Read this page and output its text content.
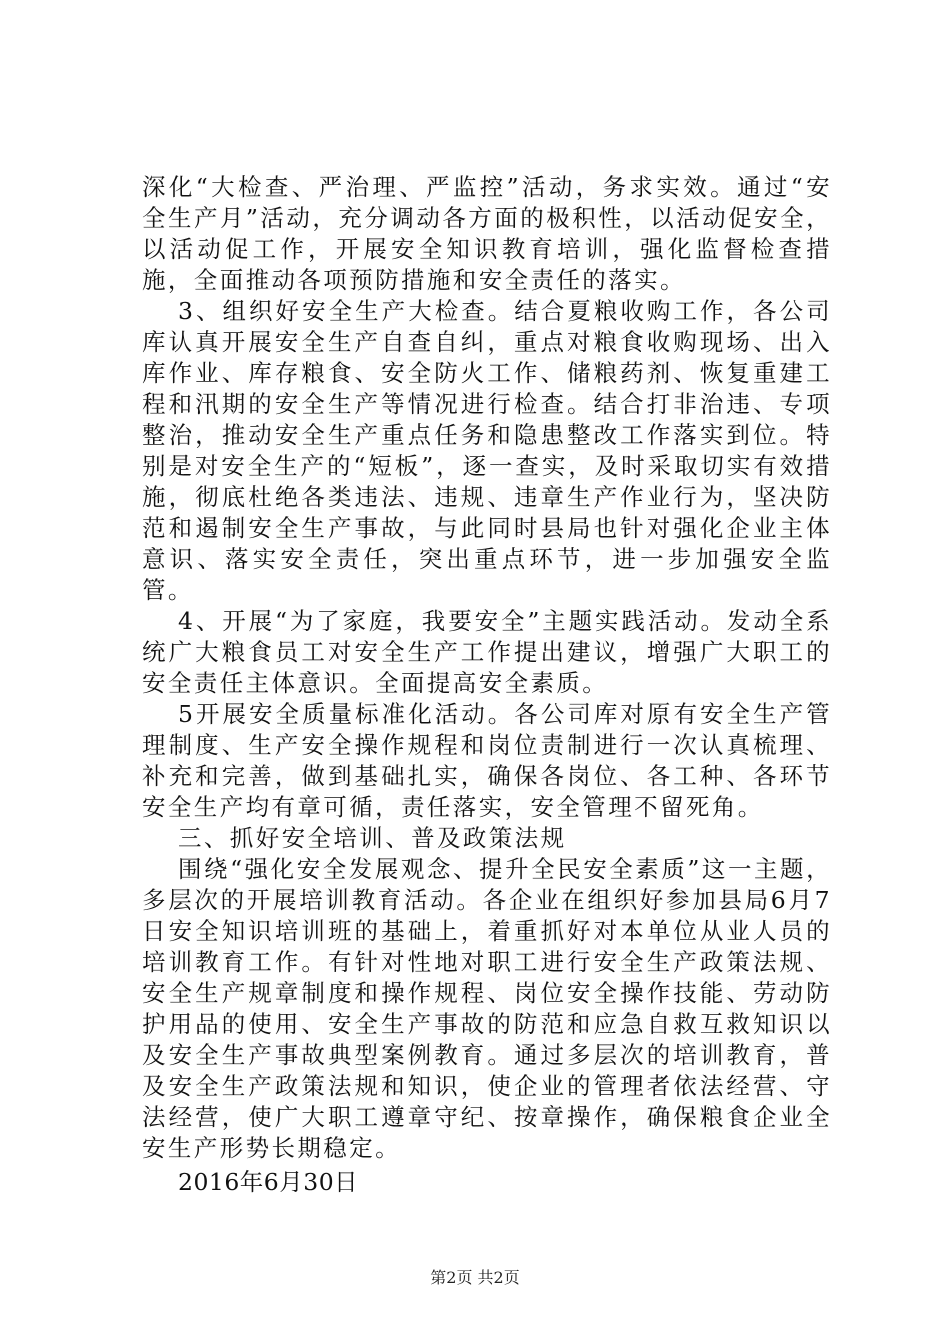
深化“大检查、严治理、严监控”活动，务求实效。通过“安全生产月”活动，充分调动各方面的极积性，以活动促安全，以活动促工作，开展安全知识教育培训，强化监督检查措施，全面推动各项预防措施和安全责任的落实。

3、组织好安全生产大检查。结合夏粮收购工作，各公司库认真开展安全生产自查自纠，重点对粮食收购现场、出入库作业、库存粮食、安全防火工作、储粮药剂、恢复重建工程和汛期的安全生产等情况进行检查。结合打非治违、专项整治，推动安全生产重点任务和隐患整改工作落实到位。特别是对安全生产的“短板”，逐一查实，及时采取切实有效措施，彻底杜绝各类违法、违规、违章生产作业行为，坚决防范和遏制安全生产事故，与此同时县局也针对强化企业主体意识、落实安全责任，突出重点环节，进一步加强安全监管。

4、开展“为了家庭，我要安全”主题实践活动。发动全系统广大粮食员工对安全生产工作提出建议，增强广大职工的安全责任主体意识。全面提高安全素质。

5开展安全质量标准化活动。各公司库对原有安全生产管理制度、生产安全操作规程和岗位责制进行一次认真梳理、补充和完善，做到基础扎实，确保各岗位、各工种、各环节安全生产均有章可循，责任落实，安全管理不留死角。

三、抓好安全培训、普及政策法规

围绕“强化安全发展观念、提升全民安全素质”这一主题，多层次的开展培训教育活动。各企业在组织好参加县局6月7日安全知识培训班的基础上，着重抓好对本单位从业人员的培训教育工作。有针对性地对职工进行安全生产政策法规、安全生产规章制度和操作规程、岗位安全操作技能、劳动防护用品的使用、安全生产事故的防范和应急自救互救知识以及安全生产事故典型案例教育。通过多层次的培训教育，普及安全生产政策法规和知识，使企业的管理者依法经营、守法经营，使广大职工遵章守纪、按章操作，确保粮食企业全安生产形势长期稳定。

2016年6月30日

第2页 共2页
